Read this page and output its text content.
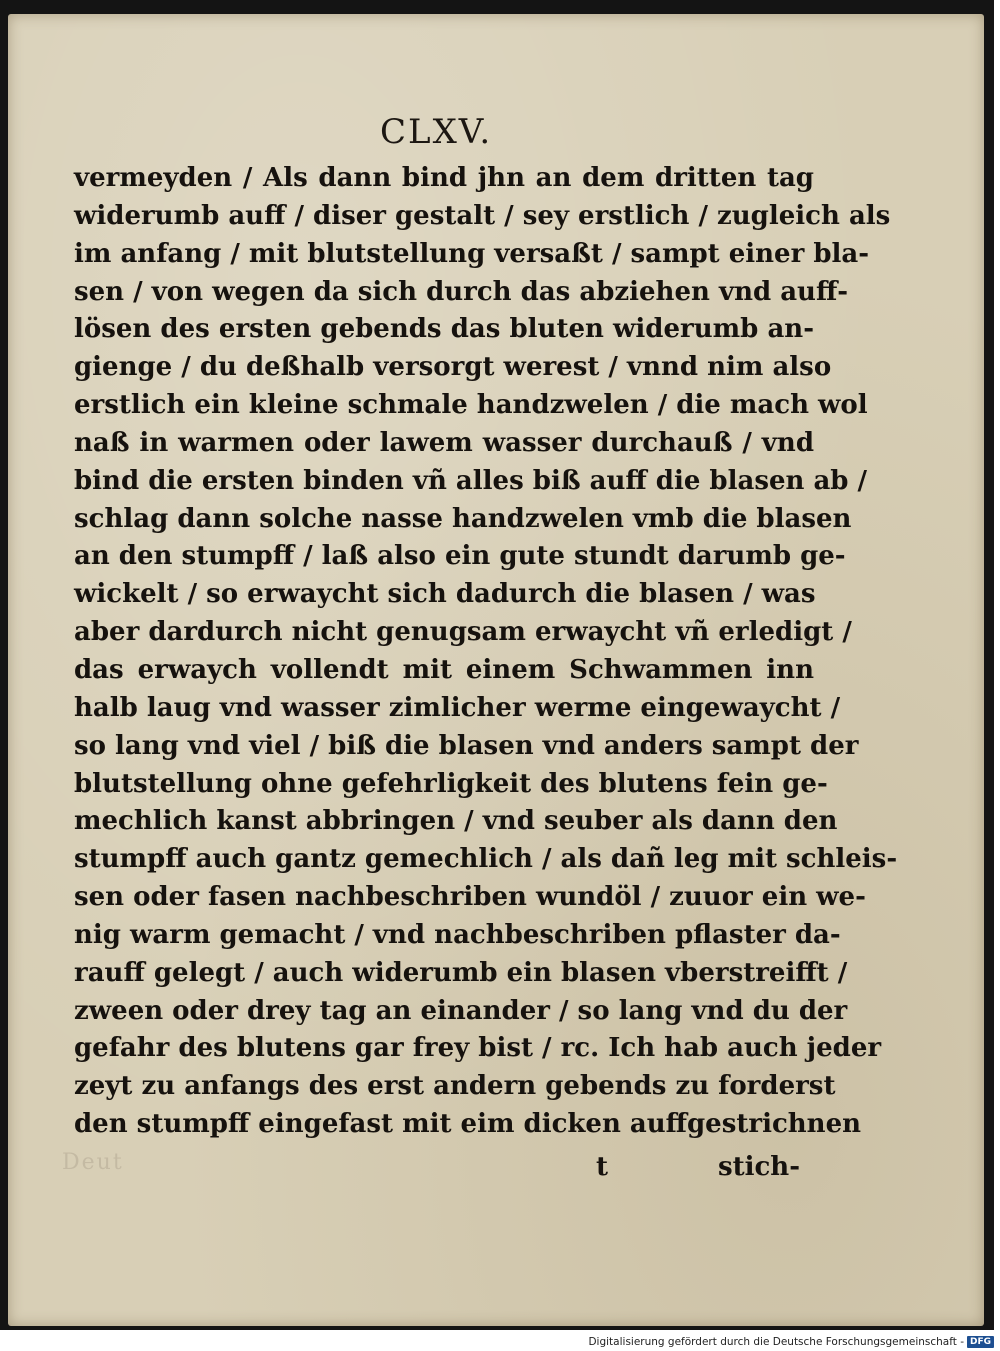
CLXV.
vermeyden / Als dann bind jhn an dem dritten tag
widerumb auff / diser gestalt / sey erstlich / zugleich als
im anfang / mit blutstellung versaßt / sampt einer bla-
sen / von wegen da sich durch das abziehen vnd auff-
lösen des ersten gebends das bluten widerumb an-
gienge / du deßhalb versorgt werest / vnnd nim also
erstlich ein kleine schmale handzwelen / die mach wol
naß in warmen oder lawem wasser durchauß / vnd
bind die ersten binden vñ alles biß auff die blasen ab /
schlag dann solche nasse handzwelen vmb die blasen
an den stumpff / laß also ein gute stundt darumb ge-
wickelt / so erwaycht sich dadurch die blasen / was
aber dardurch nicht genugsam erwaycht vñ erledigt /
das erwaych vollendt mit einem Schwammen inn
halb laug vnd wasser zimlicher werme eingewaycht /
so lang vnd viel / biß die blasen vnd anders sampt der
blutstellung ohne gefehrligkeit des blutens fein ge-
mechlich kanst abbringen / vnd seuber als dann den
stumpff auch gantz gemechlich / als dañ leg mit schleis-
sen oder fasen nachbeschriben wundöl / zuuor ein we-
nig warm gemacht / vnd nachbeschriben pflaster da-
rauff gelegt / auch widerumb ein blasen vberstreifft /
zween oder drey tag an einander / so lang vnd du der
gefahr des blutens gar frey bist / rc. Ich hab auch jeder
zeyt zu anfangs des erst andern gebends zu forderst
den stumpff eingefast mit eim dicken auffgestrichnen
Deut	t	stich-
Digitalisierung gefördert durch die Deutsche Forschungsgemeinschaft - DFG
